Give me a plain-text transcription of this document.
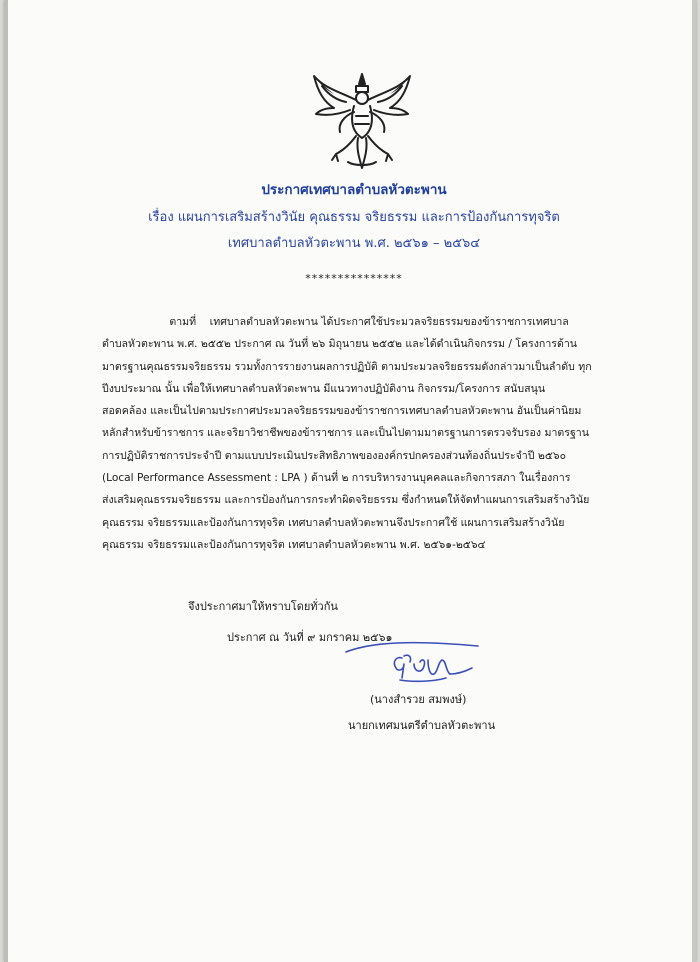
ประกาศเทศบาลตำบลหัวตะพาน

เรื่อง แผนการเสริมสร้างวินัย คุณธรรม จริยธรรม และการป้องกันการทุจริต

เทศบาลตำบลหัวตะพาน พ.ศ. ๒๕๖๑ – ๒๕๖๔

***************

ตามที่    เทศบาลตำบลหัวตะพาน ได้ประกาศใช้ประมวลจริยธรรมของข้าราชการเทศบาล
ตำบลหัวตะพาน พ.ศ. ๒๕๕๒ ประกาศ ณ วันที่ ๒๖ มิถุนายน ๒๕๕๒ และได้ดำเนินกิจกรรม / โครงการด้าน
มาตรฐานคุณธรรมจริยธรรม รวมทั้งการรายงานผลการปฏิบัติ ตามประมวลจริยธรรมดังกล่าวมาเป็นลำดับ ทุก
ปีงบประมาณ นั้น เพื่อให้เทศบาลตำบลหัวตะพาน มีแนวทางปฏิบัติงาน กิจกรรม/โครงการ สนับสนุน
สอดคล้อง และเป็นไปตามประกาศประมวลจริยธรรมของข้าราชการเทศบาลตำบลหัวตะพาน อันเป็นค่านิยม
หลักสำหรับข้าราชการ และจริยาวิชาชีพของข้าราชการ และเป็นไปตามมาตรฐานการตรวจรับรอง มาตรฐาน
การปฏิบัติราชการประจำปี ตามแบบประเมินประสิทธิภาพขององค์กรปกครองส่วนท้องถิ่นประจำปี ๒๕๖๐
(Local Performance Assessment : LPA ) ด้านที่ ๒ การบริหารงานบุคคลและกิจการสภา ในเรื่องการ
ส่งเสริมคุณธรรมจริยธรรม และการป้องกันการกระทำผิดจริยธรรม ซึ่งกำหนดให้จัดทำแผนการเสริมสร้างวินัย
คุณธรรม จริยธรรมและป้องกันการทุจริต เทศบาลตำบลหัวตะพานจึงประกาศใช้ แผนการเสริมสร้างวินัย
คุณธรรม จริยธรรมและป้องกันการทุจริต เทศบาลตำบลหัวตะพาน พ.ศ. ๒๕๖๑-๒๕๖๔
จึงประกาศมาให้ทราบโดยทั่วกัน
ประกาศ ณ วันที่ ๙ มกราคม ๒๕๖๑
(นางสำรวย สมพงษ์)
นายกเทศมนตรีตำบลหัวตะพาน
